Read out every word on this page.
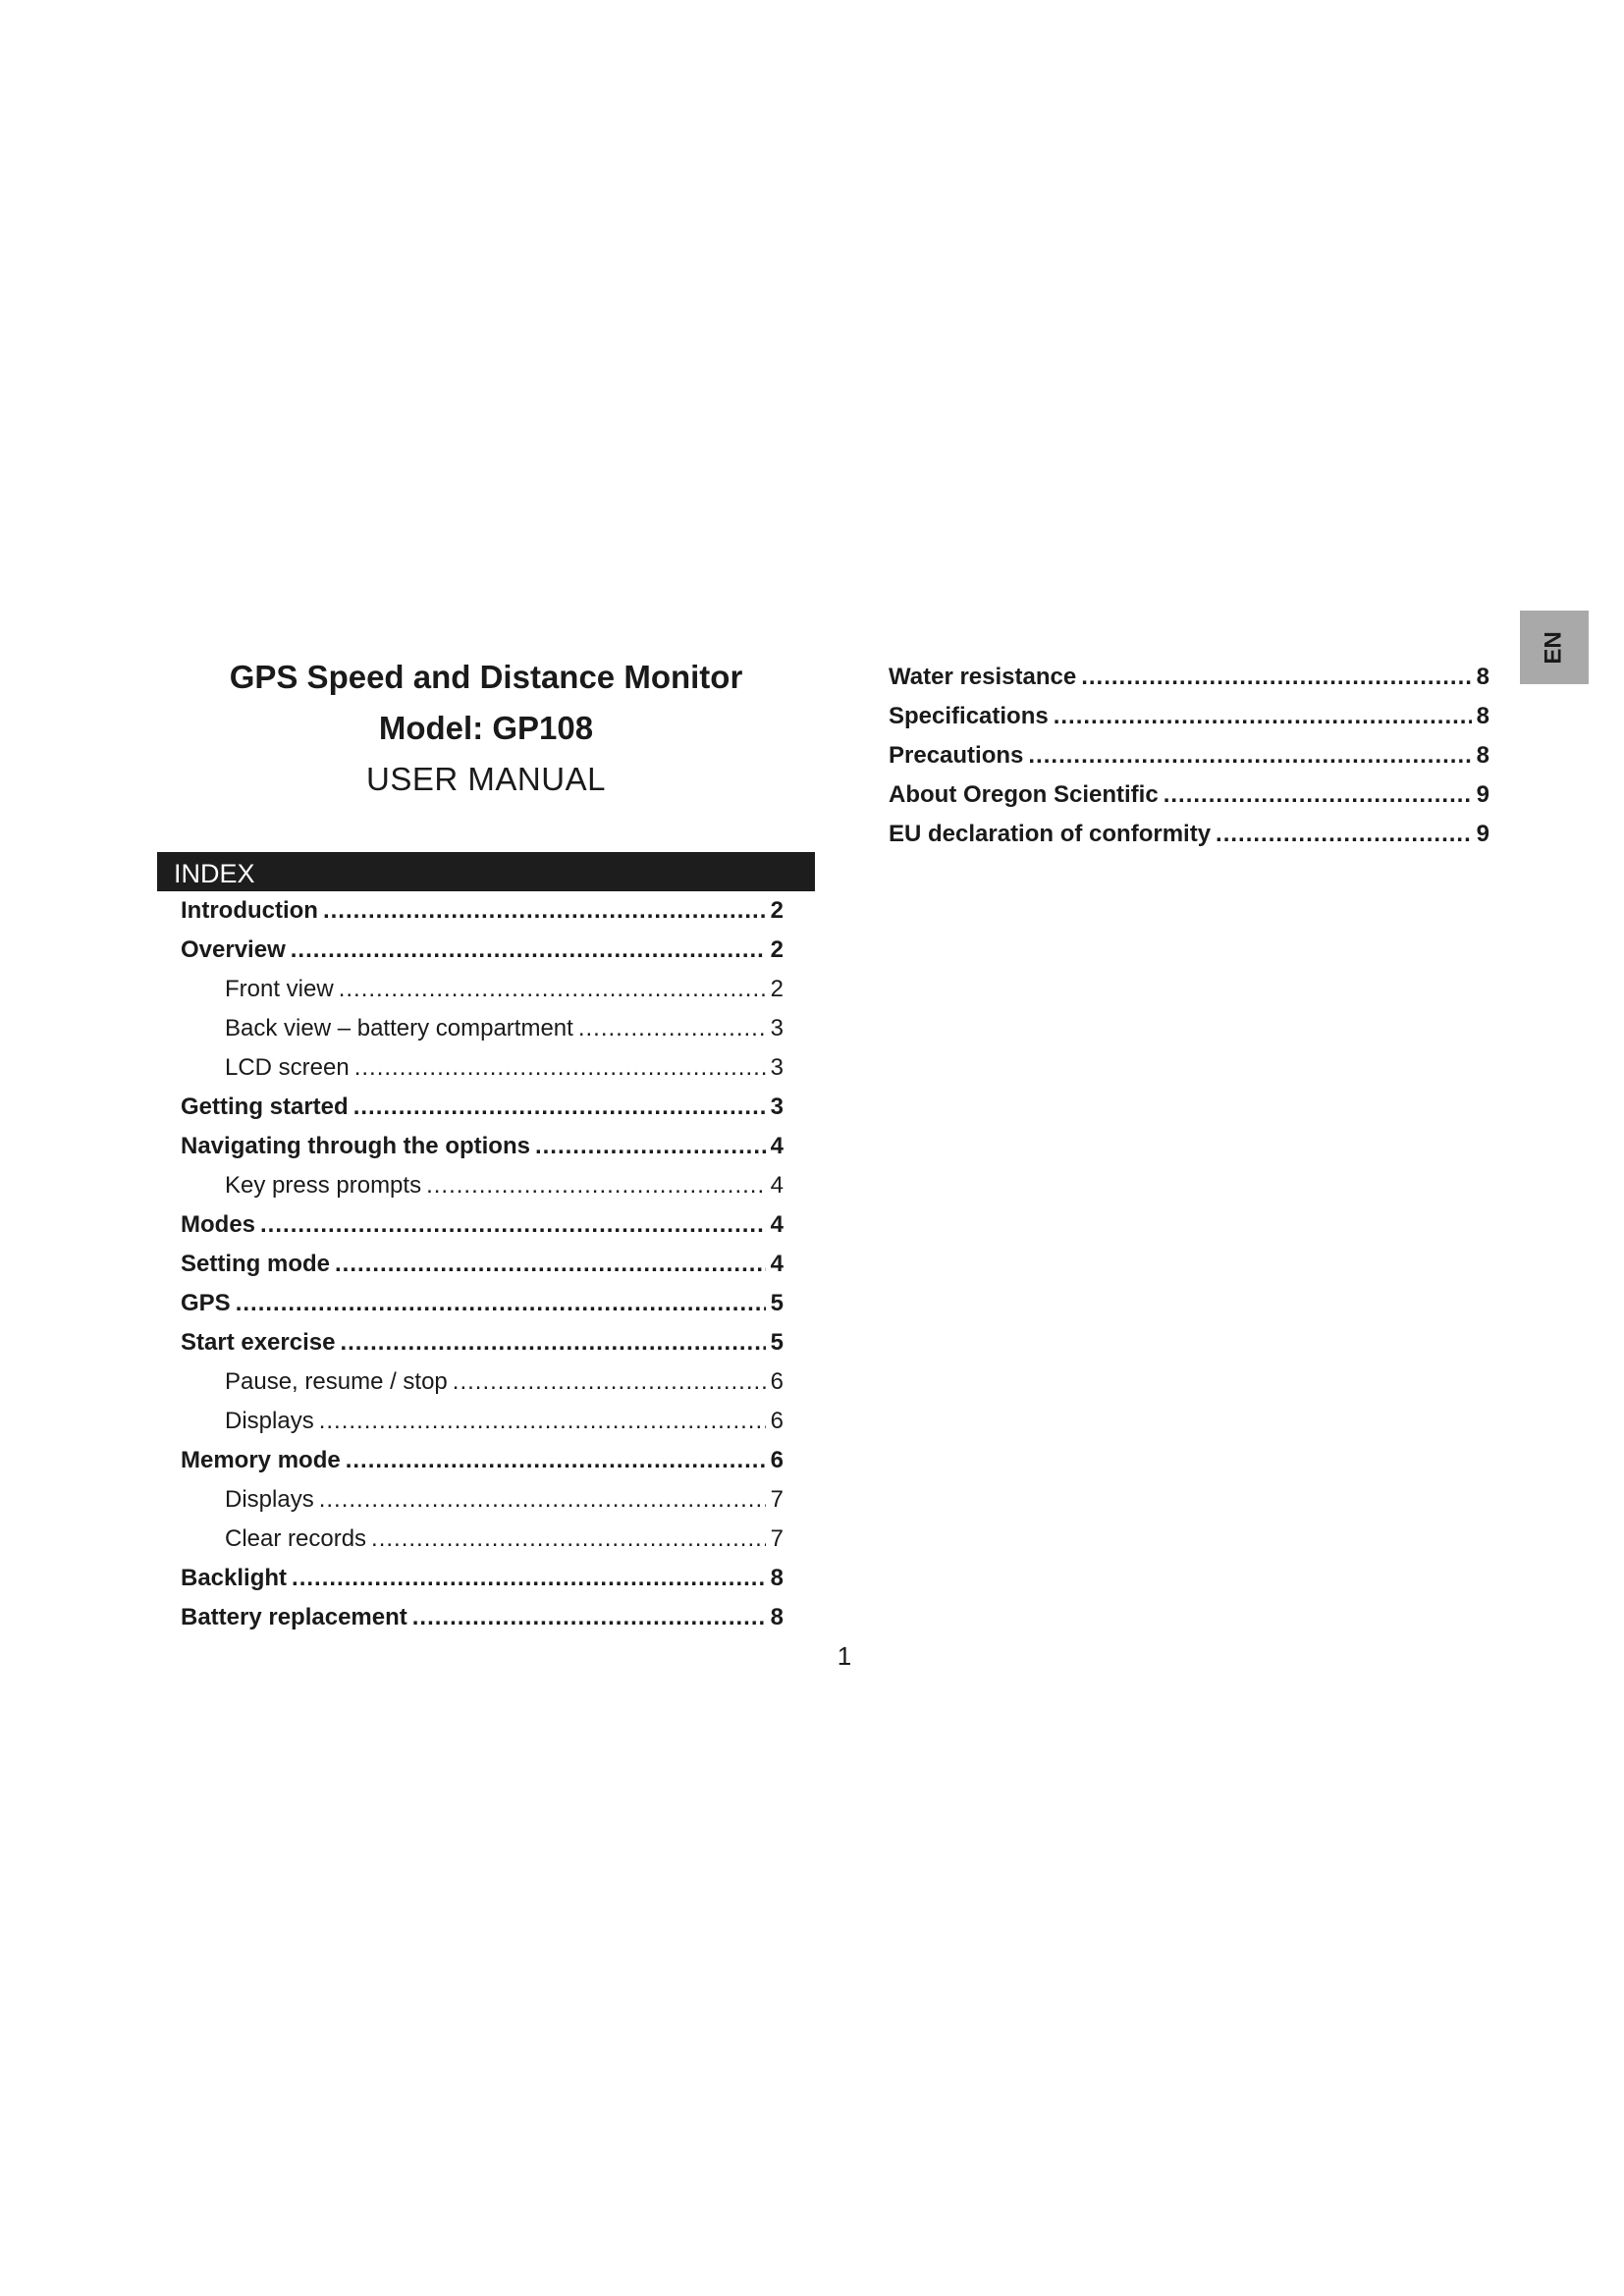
GPS Speed and Distance Monitor

Model: GP108

USER MANUAL

INDEX
Introduction .....	2
Overview .....	2
Front view .....	2
Back view – battery compartment .....	3
LCD screen .....	3
Getting started .....	3
Navigating through the options .....	4
Key press prompts .....	4
Modes .....	4
Setting mode .....	4
GPS .....	5
Start exercise .....	5
Pause, resume / stop .....	6
Displays .....	6
Memory mode .....	6
Displays .....	7
Clear records .....	7
Backlight .....	8
Battery replacement .....	8
Water resistance .....	8
Specifications .....	8
Precautions .....	8
About Oregon Scientific .....	9
EU declaration of conformity .....	9
1
EN
